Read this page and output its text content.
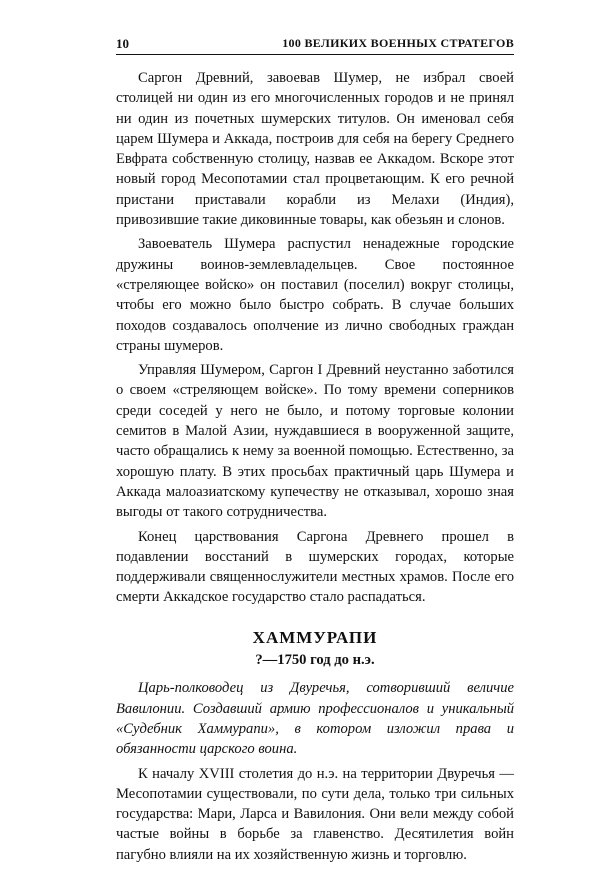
10	100 ВЕЛИКИХ ВОЕННЫХ СТРАТЕГОВ

Саргон Древний, завоевав Шумер, не избрал своей столицей ни один из его многочисленных городов и не принял ни один из почетных шумерских титулов. Он именовал себя царем Шумера и Аккада, построив для себя на берегу Среднего Евфрата собственную столицу, назвав ее Аккадом. Вскоре этот новый город Месопотамии стал процветающим. К его речной пристани приставали корабли из Мелахи (Индия), привозившие такие диковинные товары, как обезьян и слонов.

Завоеватель Шумера распустил ненадежные городские дружины воинов-землевладельцев. Свое постоянное «стреляющее войско» он поставил (поселил) вокруг столицы, чтобы его можно было быстро собрать. В случае больших походов создавалось ополчение из лично свободных граждан страны шумеров.

Управляя Шумером, Саргон I Древний неустанно заботился о своем «стреляющем войске». По тому времени соперников среди соседей у него не было, и потому торговые колонии семитов в Малой Азии, нуждавшиеся в вооруженной защите, часто обращались к нему за военной помощью. Естественно, за хорошую плату. В этих просьбах практичный царь Шумера и Аккада малоазиатскому купечеству не отказывал, хорошо зная выгоды от такого сотрудничества.

Конец царствования Саргона Древнего прошел в подавлении восстаний в шумерских городах, которые поддерживали священнослужители местных храмов. После его смерти Аккадское государство стало распадаться.

ХАММУРАПИ
?—1750 год до н.э.

Царь-полководец из Двуречья, сотворивший величие Вавилонии. Создавший армию профессионалов и уникальный «Судебник Хаммурапи», в котором изложил права и обязанности царского воина.

К началу XVIII столетия до н.э. на территории Двуречья — Месопотамии существовали, по сути дела, только три сильных государства: Мари, Ларса и Вавилония. Они вели между собой частые войны в борьбе за главенство. Десятилетия войн пагубно влияли на их хозяйственную жизнь и торговлю.
